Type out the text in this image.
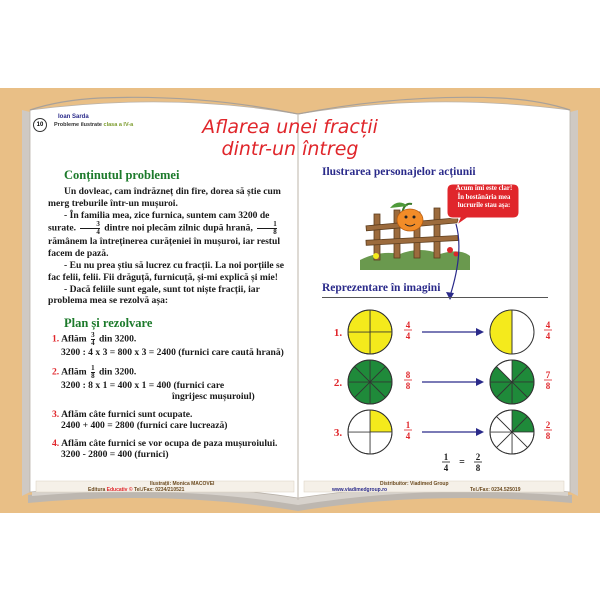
10
Ioan Sarda
Probleme ilustrate clasa a IV-a	Aflarea unei fracții
dintr-un întreg
Conținutul problemei
Un dovleac, cam îndrăzneț din fire, dorea să știe cum merg treburile într-un mușuroi.
- În familia mea, zice furnica, suntem cam 3200 de surate. $\frac{3}{4}$ dintre noi plecăm zilnic după hrană, $\frac{1}{8}$
rămânem la întreținerea curățeniei în mușuroi, iar restul facem de pază.
- Eu nu prea știu să lucrez cu fracții. La noi porțiile se fac felii, felii. Fii drăguță, furnicuță, și-mi explică și mie!
- Dacă feliile sunt egale, sunt tot niște fracții, iar problema mea se rezolvă așa:
Plan și rezolvare
1. Aflăm $\frac{3}{4}$ din 3200.
3200 : 4 x 3 = 800 x 3 = 2400 (furnici care caută hrană)
2. Aflăm $\frac{1}{8}$ din 3200.
3200 : 8 x 1 = 400 x 1 = 400 (furnici care
îngrijesc mușuroiul)
3. Aflăm câte furnici sunt ocupate.
2400 + 400 = 2800 (furnici care lucrează)
4. Aflăm câte furnici se vor ocupa de paza mușuroiului.
3200 - 2800 = 400 (furnici)
Ilustrarea personajelor acțiunii
Acum îmi este clar! În bostănăria mea lucrurile stau așa:
Reprezentare în imagini
1.
4
4
4
4
2.
8
8
7
8
3.
1
4
2
8
1
4 = 2
8
Ilustrații: Monica MACOVEI
Editura Educativ © Tel./Fax: 0234/210521
Distribuitor: Viadimed Group
www.viadimedgroup.ro	Tel./Fax: 0234.525019
